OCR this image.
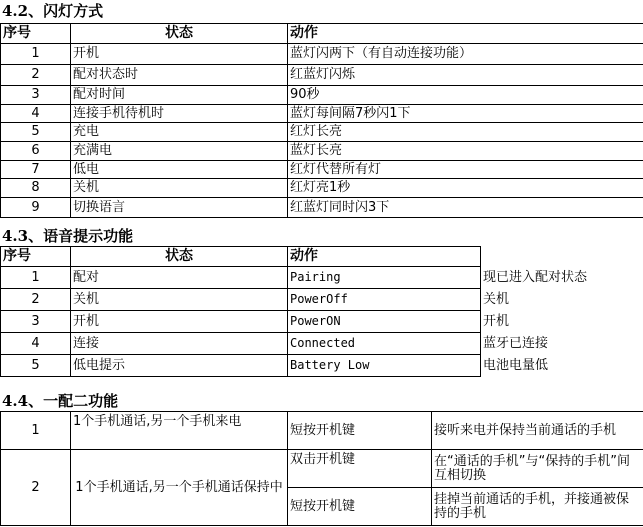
4.2、闪灯方式
序号	状态	动作
1	开机	蓝灯闪两下（有自动连接功能）
2	配对状态时	红蓝灯闪烁
3	配对时间	90秒
4	连接手机待机时	蓝灯每间隔7秒闪1下
5	充电	红灯长亮
6	充满电	蓝灯长亮
7	低电	红灯代替所有灯
8	关机	红灯亮1秒
9	切换语言	红蓝灯同时闪3下
4.3、语音提示功能
序号	状态	动作	
1	配对	Pairing	现已进入配对状态
2	关机	PowerOff	关机
3	开机	PowerON	开机
4	连接	Connected	蓝牙已连接
5	低电提示	Battery Low	电池电量低
4.4、一配二功能
1	1个手机通话,另一个手机来电	短按开机键	接听来电并保持当前通话的手机
2	1个手机通话,另一个手机通话保持中	双击开机键	在“通话的手机”与“保持的手机”间互相切换
		短按开机键	挂掉当前通话的手机，并接通被保持的手机
